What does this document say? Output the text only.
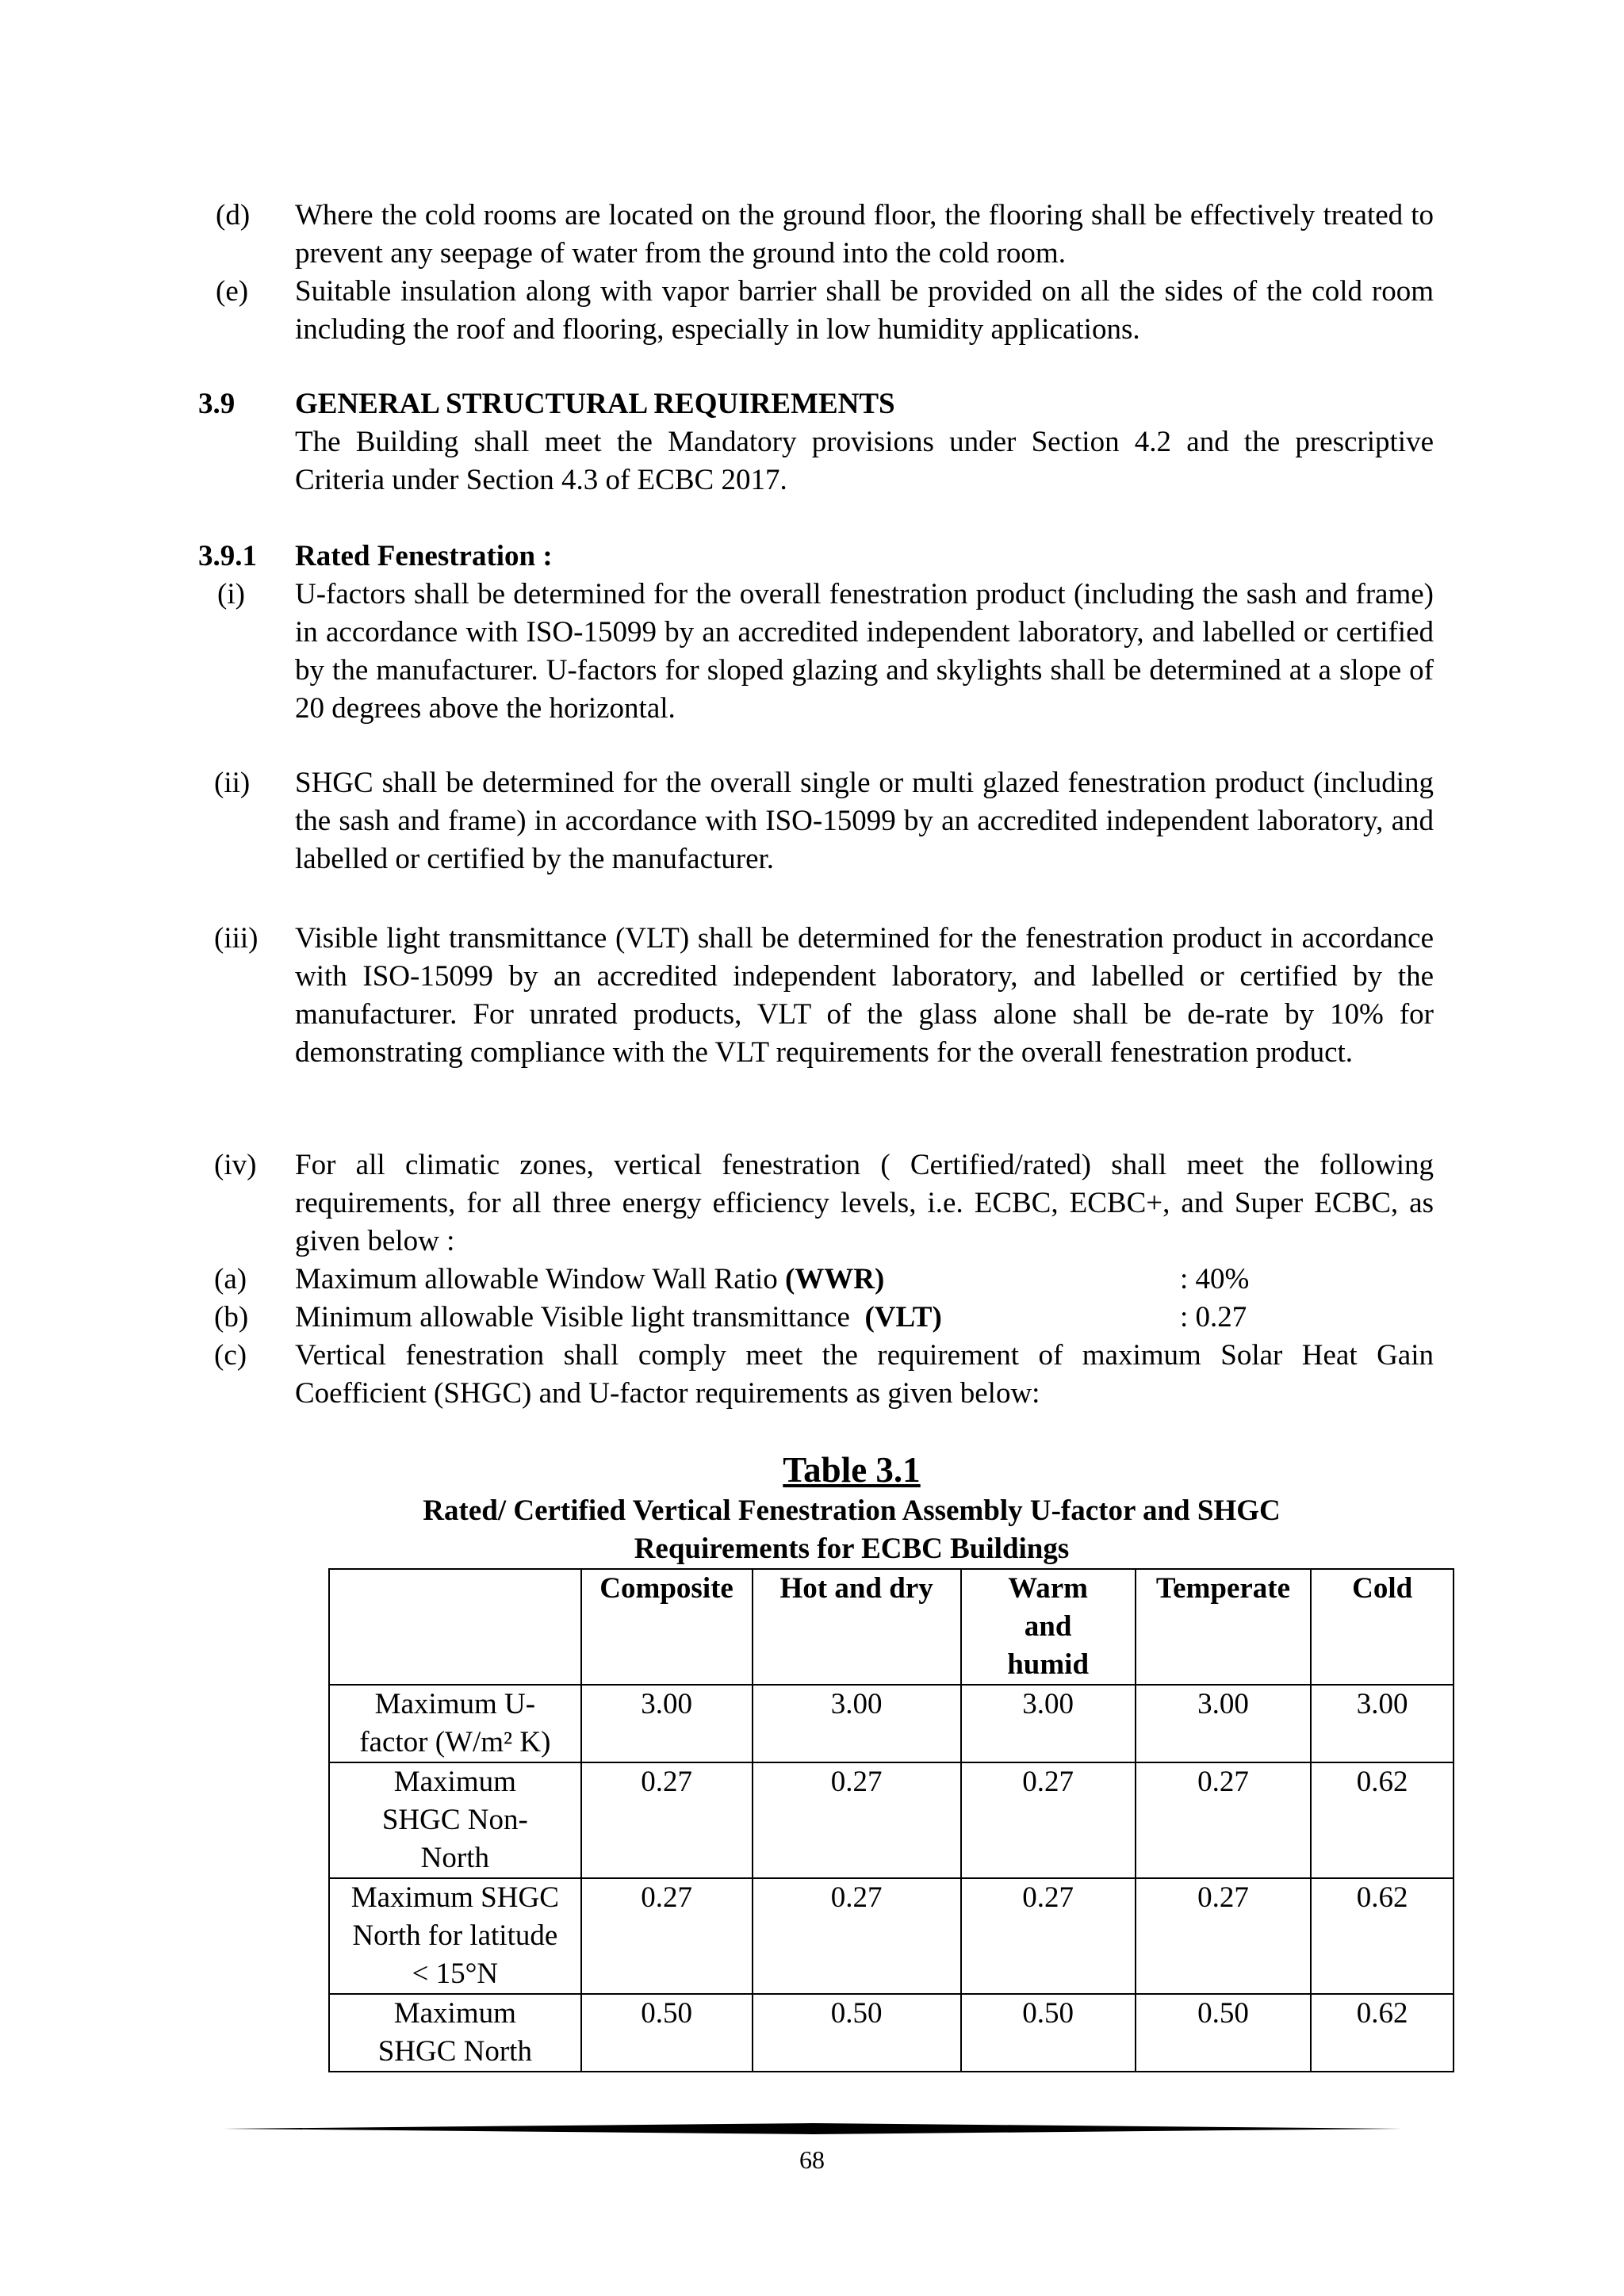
(d) Where the cold rooms are located on the ground floor, the flooring shall be effectively treated to prevent any seepage of water from the ground into the cold room.
(e) Suitable insulation along with vapor barrier shall be provided on all the sides of the cold room including the roof and flooring, especially in low humidity applications.
3.9 GENERAL STRUCTURAL REQUIREMENTS
The Building shall meet the Mandatory provisions under Section 4.2 and the prescriptive Criteria under Section 4.3 of ECBC 2017.
3.9.1 Rated Fenestration :
(i)	U-factors shall be determined for the overall fenestration product (including the sash and frame) in accordance with ISO-15099 by an accredited independent laboratory, and labelled or certified by the manufacturer. U-factors for sloped glazing and skylights shall be determined at a slope of 20 degrees above the horizontal.
(ii)	SHGC shall be determined for the overall single or multi glazed fenestration product (including the sash and frame) in accordance with ISO-15099 by an accredited independent laboratory, and labelled or certified by the manufacturer.
(iii)	Visible light transmittance (VLT) shall be determined for the fenestration product in accordance with ISO-15099 by an accredited independent laboratory, and labelled or certified by the manufacturer. For unrated products, VLT of the glass alone shall be de-rate by 10% for demonstrating compliance with the VLT requirements for the overall fenestration product.
(iv)	For all climatic zones, vertical fenestration ( Certified/rated) shall meet the following requirements, for all three energy efficiency levels, i.e. ECBC, ECBC+, and Super ECBC, as given below :
(a) Maximum allowable Window Wall Ratio (WWR)	: 40%
(b) Minimum allowable Visible light transmittance  (VLT)	: 0.27
(c) Vertical fenestration shall comply meet the requirement of maximum Solar Heat Gain Coefficient (SHGC) and U-factor requirements as given below:
Table 3.1
Rated/ Certified Vertical Fenestration Assembly U-factor and SHGC
Requirements for ECBC Buildings
	Composite	Hot and dry	Warm and humid	Temperate	Cold
Maximum U-factor (W/m² K)	3.00	3.00	3.00	3.00	3.00
Maximum SHGC Non-North	0.27	0.27	0.27	0.27	0.62
Maximum SHGC North for latitude < 15°N	0.27	0.27	0.27	0.27	0.62
Maximum SHGC North	0.50	0.50	0.50	0.50	0.62
68
